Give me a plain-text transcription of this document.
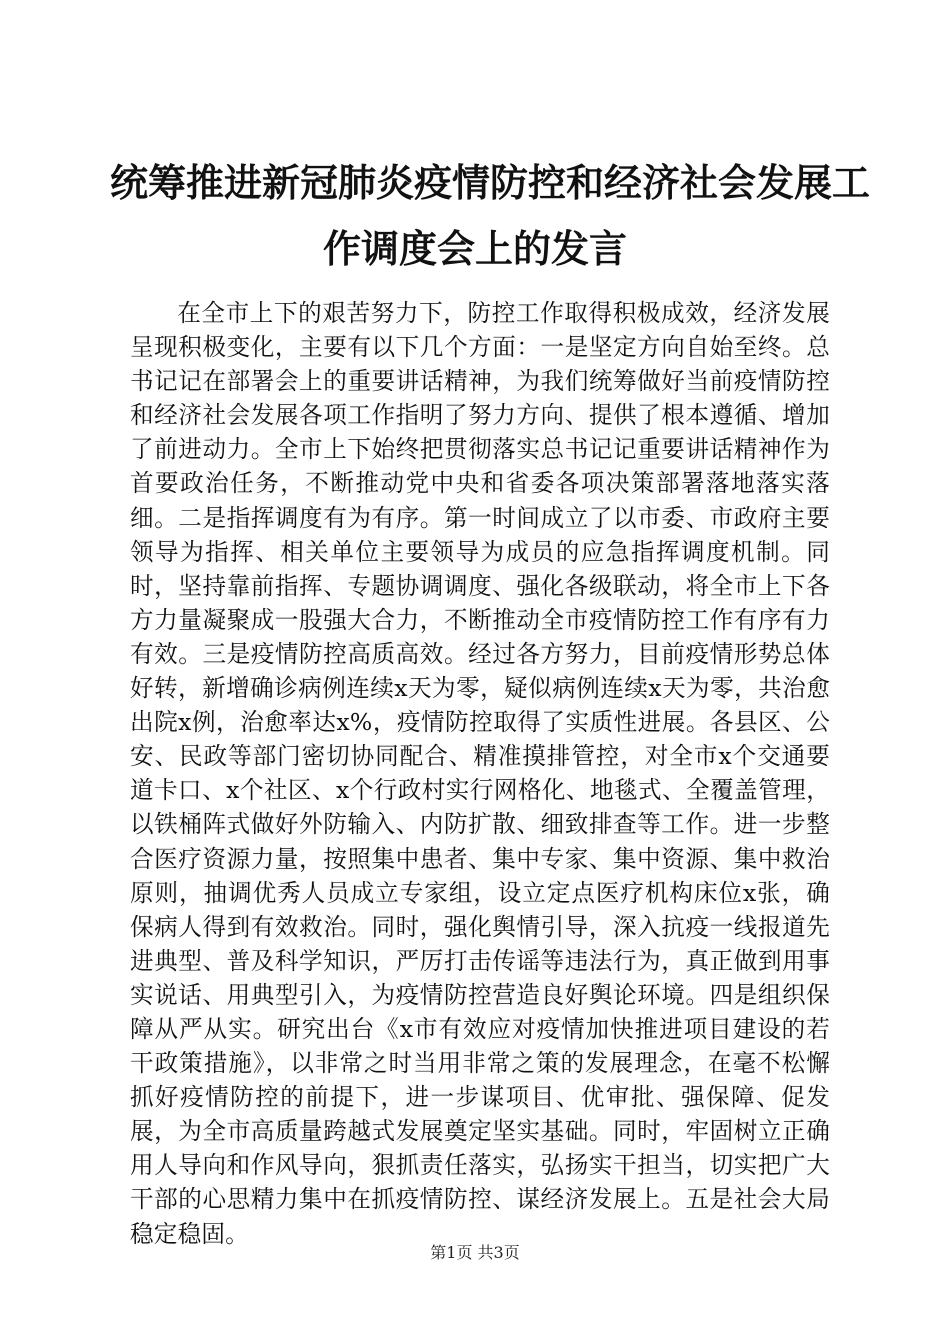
统筹推进新冠肺炎疫情防控和经济社会发展工
作调度会上的发言

在全市上下的艰苦努力下，防控工作取得积极成效，经济发展呈现积极变化，主要有以下几个方面：一是坚定方向自始至终。总书记记在部署会上的重要讲话精神，为我们统筹做好当前疫情防控和经济社会发展各项工作指明了努力方向、提供了根本遵循、增加了前进动力。全市上下始终把贯彻落实总书记记重要讲话精神作为首要政治任务，不断推动党中央和省委各项决策部署落地落实落细。二是指挥调度有为有序。第一时间成立了以市委、市政府主要领导为指挥、相关单位主要领导为成员的应急指挥调度机制。同时，坚持靠前指挥、专题协调调度、强化各级联动，将全市上下各方力量凝聚成一股强大合力，不断推动全市疫情防控工作有序有力有效。三是疫情防控高质高效。经过各方努力，目前疫情形势总体好转，新增确诊病例连续x天为零，疑似病例连续x天为零，共治愈出院x例，治愈率达x%，疫情防控取得了实质性进展。各县区、公安、民政等部门密切协同配合、精准摸排管控，对全市x个交通要道卡口、x个社区、x个行政村实行网格化、地毯式、全覆盖管理，以铁桶阵式做好外防输入、内防扩散、细致排查等工作。进一步整合医疗资源力量，按照集中患者、集中专家、集中资源、集中救治原则，抽调优秀人员成立专家组，设立定点医疗机构床位x张，确保病人得到有效救治。同时，强化舆情引导，深入抗疫一线报道先进典型、普及科学知识，严厉打击传谣等违法行为，真正做到用事实说话、用典型引入，为疫情防控营造良好舆论环境。四是组织保障从严从实。研究出台《x市有效应对疫情加快推进项目建设的若干政策措施》，以非常之时当用非常之策的发展理念，在毫不松懈抓好疫情防控的前提下，进一步谋项目、优审批、强保障、促发展，为全市高质量跨越式发展奠定坚实基础。同时，牢固树立正确用人导向和作风导向，狠抓责任落实，弘扬实干担当，切实把广大干部的心思精力集中在抓疫情防控、谋经济发展上。五是社会大局稳定稳固。

第1页 共3页
